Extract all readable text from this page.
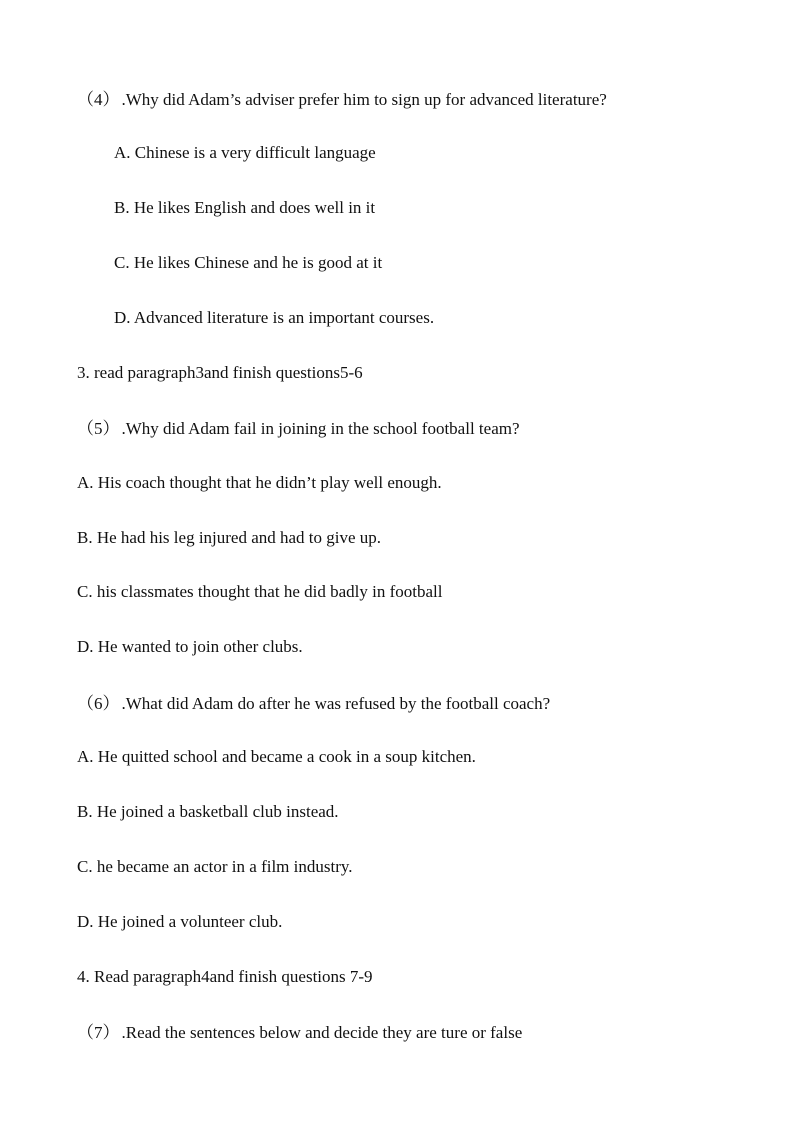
（4） .Why did Adam’s adviser prefer him to sign up for advanced literature?
A. Chinese is a very difficult language
B. He likes English and does well in it
C. He likes Chinese and he is good at it
D. Advanced literature is an important courses.
3. read paragraph3and finish questions5-6
（5） .Why did Adam fail in joining in the school football team?
A. His coach thought that he didn’t play well enough.
B. He had his leg injured and had to give up.
C. his classmates thought that he did badly in football
D. He wanted to join other clubs.
（6） .What did Adam do after he was refused by the football coach?
A. He quitted school and became a cook in a soup kitchen.
B. He joined a basketball club instead.
C. he became an actor in a film industry.
D. He joined a volunteer club.
4. Read paragraph4and finish questions 7-9
（7） .Read the sentences below and decide they are ture or false
